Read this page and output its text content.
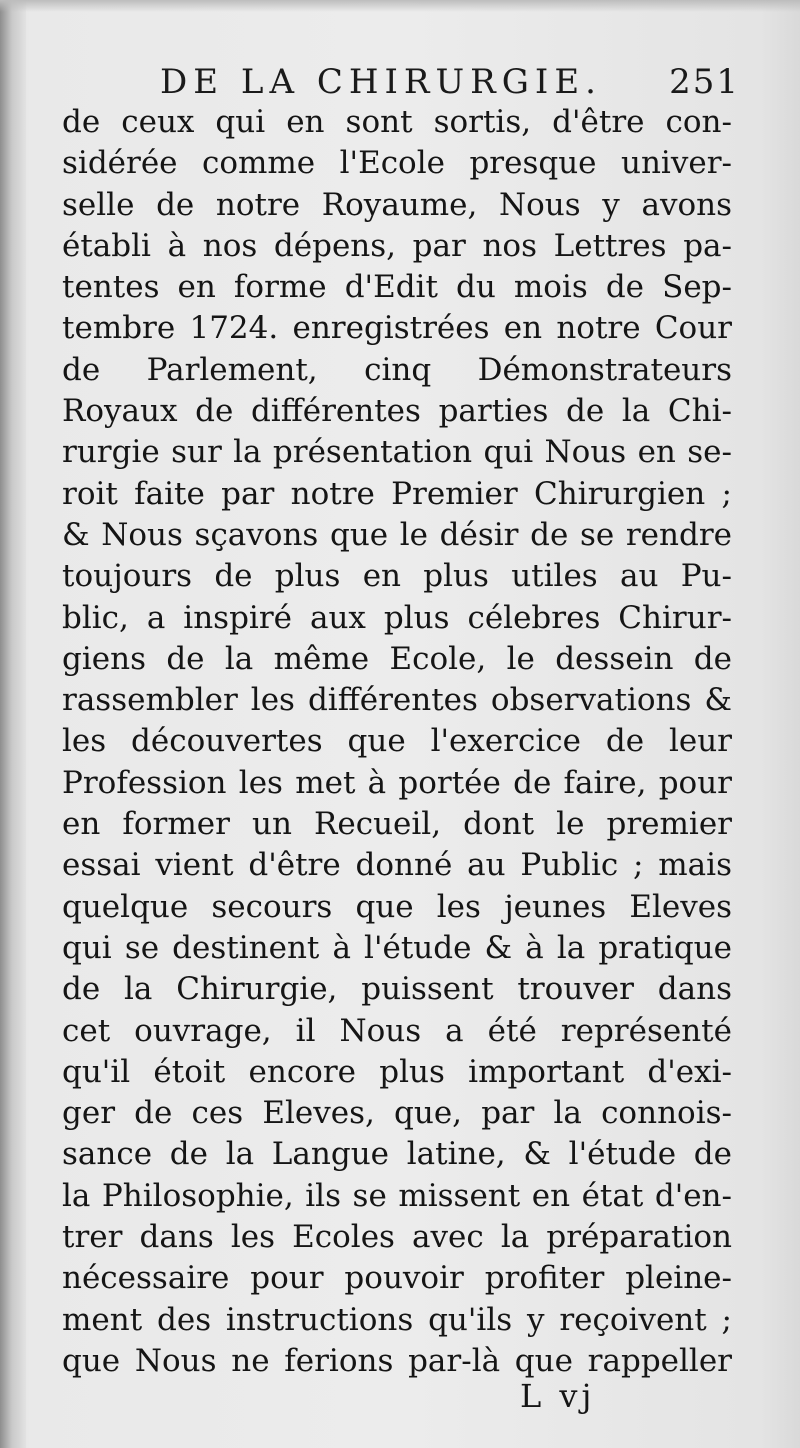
DE LA CHIRURGIE. 251
de ceux qui en sont sortis, d'être con-
sidérée comme l'Ecole presque univer-
selle de notre Royaume, Nous y avons
établi à nos dépens, par nos Lettres pa-
tentes en forme d'Edit du mois de Sep-
tembre 1724. enregistrées en notre Cour
de Parlement, cinq Démonstrateurs
Royaux de différentes parties de la Chi-
rurgie sur la présentation qui Nous en se-
roit faite par notre Premier Chirurgien ;
& Nous sçavons que le désir de se rendre
toujours de plus en plus utiles au Pu-
blic, a inspiré aux plus célebres Chirur-
giens de la même Ecole, le dessein de
rassembler les différentes observations &
les découvertes que l'exercice de leur
Profession les met à portée de faire, pour
en former un Recueil, dont le premier
essai vient d'être donné au Public ; mais
quelque secours que les jeunes Eleves
qui se destinent à l'étude & à la pratique
de la Chirurgie, puissent trouver dans
cet ouvrage, il Nous a été représenté
qu'il étoit encore plus important d'exi-
ger de ces Eleves, que, par la connois-
sance de la Langue latine, & l'étude de
la Philosophie, ils se missent en état d'en-
trer dans les Ecoles avec la préparation
nécessaire pour pouvoir profiter pleine-
ment des instructions qu'ils y reçoivent ;
que Nous ne ferions par-là que rappeller
L vj
